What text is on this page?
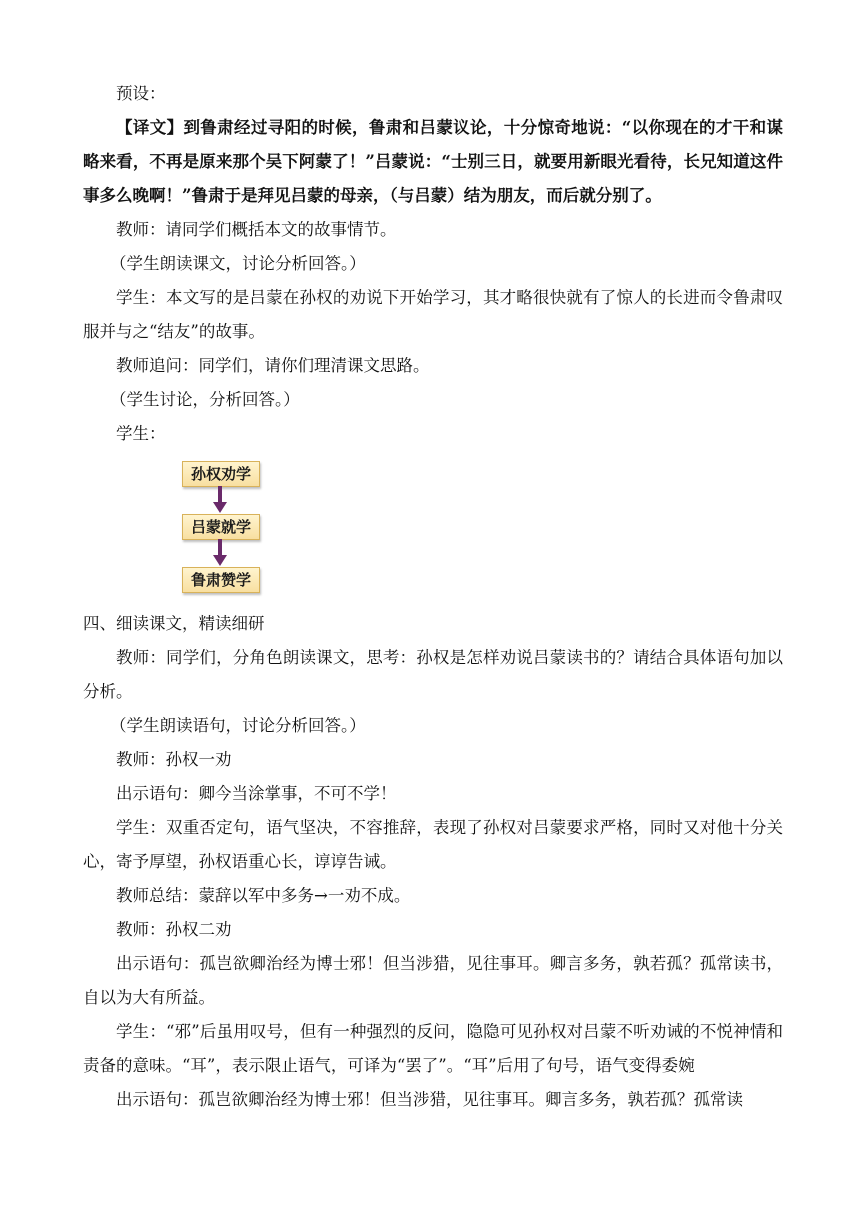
预设：

【译文】到鲁肃经过寻阳的时候，鲁肃和吕蒙议论，十分惊奇地说：“以你现在的才干和谋略来看，不再是原来那个吴下阿蒙了！”吕蒙说：“士别三日，就要用新眼光看待，长兄知道这件事多么晚啊！”鲁肃于是拜见吕蒙的母亲，（与吕蒙）结为朋友，而后就分别了。

教师：请同学们概括本文的故事情节。
（学生朗读课文，讨论分析回答。）

学生：本文写的是吕蒙在孙权的劝说下开始学习，其才略很快就有了惊人的长进而令鲁肃叹服并与之“结友”的故事。

教师追问：同学们，请你们理清课文思路。
（学生讨论，分析回答。）
学生：
孙权劝学
吕蒙就学
鲁肃赞学
四、细读课文，精读细研

教师：同学们，分角色朗读课文，思考：孙权是怎样劝说吕蒙读书的？请结合具体语句加以分析。

（学生朗读语句，讨论分析回答。）
教师：孙权一劝
出示语句：卿今当涂掌事，不可不学！

学生：双重否定句，语气坚决，不容推辞，表现了孙权对吕蒙要求严格，同时又对他十分关心，寄予厚望，孙权语重心长，谆谆告诫。

教师总结：蒙辞以军中多务→一劝不成。
教师：孙权二劝

出示语句：孤岂欲卿治经为博士邪！但当涉猎，见往事耳。卿言多务，孰若孤？孤常读书，自以为大有所益。

学生：“邪”后虽用叹号，但有一种强烈的反问，隐隐可见孙权对吕蒙不听劝诫的不悦神情和责备的意味。“耳”，表示限止语气，可译为“罢了”。“耳”后用了句号，语气变得委婉

出示语句：孤岂欲卿治经为博士邪！但当涉猎，见往事耳。卿言多务，孰若孤？孤常读
